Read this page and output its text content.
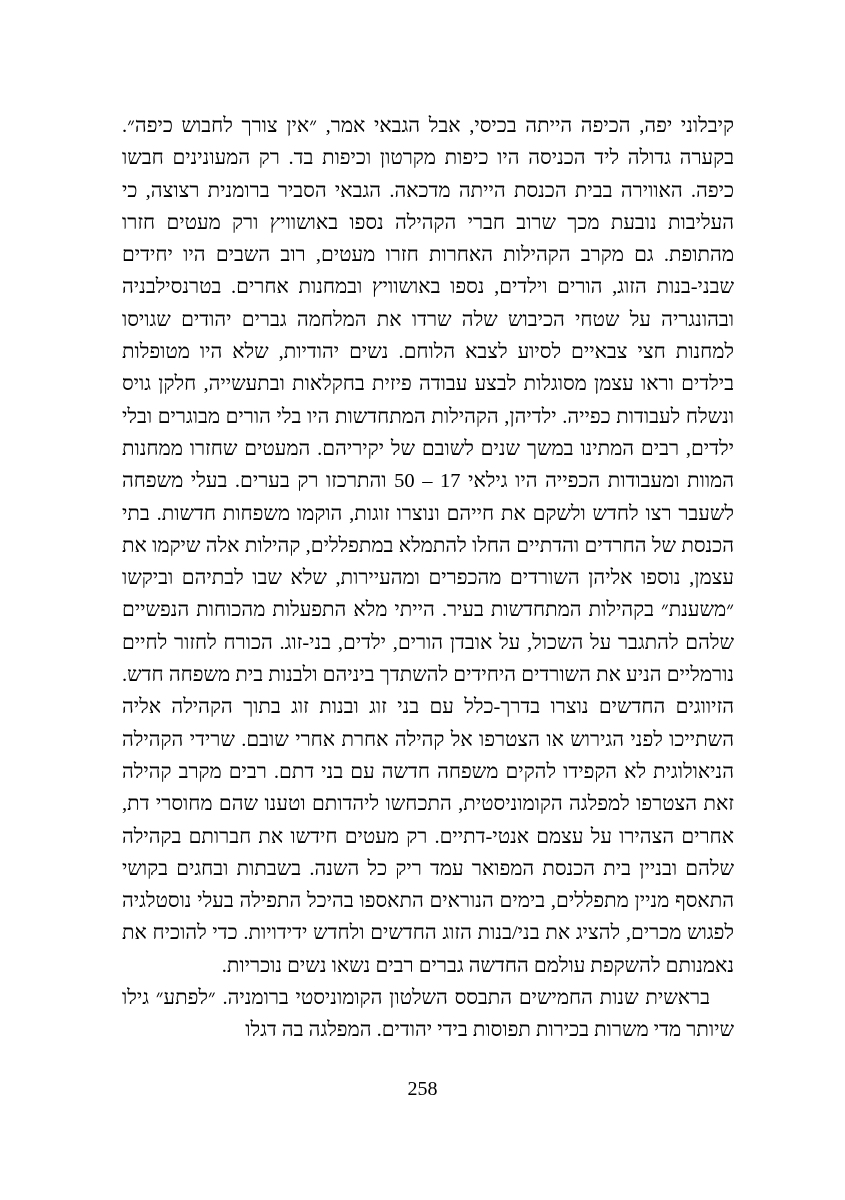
קיבלוני יפה, הכיפה הייתה בכיסי, אבל הגבאי אמר, ״אין צורך לחבוש כיפה״. בקערה גדולה ליד הכניסה היו כיפות מקרטון וכיפות בד. רק המעונינים חבשו כיפה. האווירה בבית הכנסת הייתה מדכאה. הגבאי הסביר ברומנית רצוצה, כי העליבות נובעת מכך שרוב חברי הקהילה נספו באושוויץ ורק מעטים חזרו מהתופת. גם מקרב הקהילות האחרות חזרו מעטים, רוב השבים היו יחידים שבני-בנות הזוג, הורים וילדים, נספו באושוויץ ובמחנות אחרים. בטרנסילבניה ובהונגריה על שטחי הכיבוש שלה שרדו את המלחמה גברים יהודים שגויסו למחנות חצי צבאיים לסיוע לצבא הלוחם. נשים יהודיות, שלא היו מטופלות בילדים וראו עצמן מסוגלות לבצע עבודה פיזית בחקלאות ובתעשייה, חלקן גויס ונשלח לעבודות כפייה. ילדיהן, הקהילות המתחדשות היו בלי הורים מבוגרים ובלי ילדים, רבים המתינו במשך שנים לשובם של יקיריהם. המעטים שחזרו ממחנות המוות ומעבודות הכפייה היו גילאי 17 – 50 והתרכזו רק בערים. בעלי משפחה לשעבר רצו לחדש ולשקם את חייהם ונוצרו זוגות, הוקמו משפחות חדשות. בתי הכנסת של החרדים והדתיים החלו להתמלא במתפללים, קהילות אלה שיקמו את עצמן, נוספו אליהן השורדים מהכפרים ומהעיירות, שלא שבו לבתיהם וביקשו ״משענת״ בקהילות המתחדשות בעיר. הייתי מלא התפעלות מהכוחות הנפשיים שלהם להתגבר על השכול, על אובדן הורים, ילדים, בני-זוג. הכורח לחזור לחיים נורמליים הניע את השורדים היחידים להשתדך ביניהם ולבנות בית משפחה חדש. הזיווגים החדשים נוצרו בדרך-כלל עם בני זוג ובנות זוג בתוך הקהילה אליה השתייכו לפני הגירוש או הצטרפו אל קהילה אחרת אחרי שובם. שרידי הקהילה הניאולוגית לא הקפידו להקים משפחה חדשה עם בני דתם. רבים מקרב קהילה זאת הצטרפו למפלגה הקומוניסטית, התכחשו ליהדותם וטענו שהם מחוסרי דת, אחרים הצהירו על עצמם אנטי-דתיים. רק מעטים חידשו את חברותם בקהילה שלהם ובניין בית הכנסת המפואר עמד ריק כל השנה. בשבתות ובחגים בקושי התאסף מניין מתפללים, בימים הנוראים התאספו בהיכל התפילה בעלי נוסטלגיה לפגוש מכרים, להציג את בני/בנות הזוג החדשים ולחדש ידידויות. כדי להוכיח את נאמנותם להשקפת עולמם החדשה גברים רבים נשאו נשים נוכריות.

בראשית שנות החמישים התבסס השלטון הקומוניסטי ברומניה. ״לפתע״ גילו שיותר מדי משרות בכירות תפוסות בידי יהודים. המפלגה בה דגלו

258
